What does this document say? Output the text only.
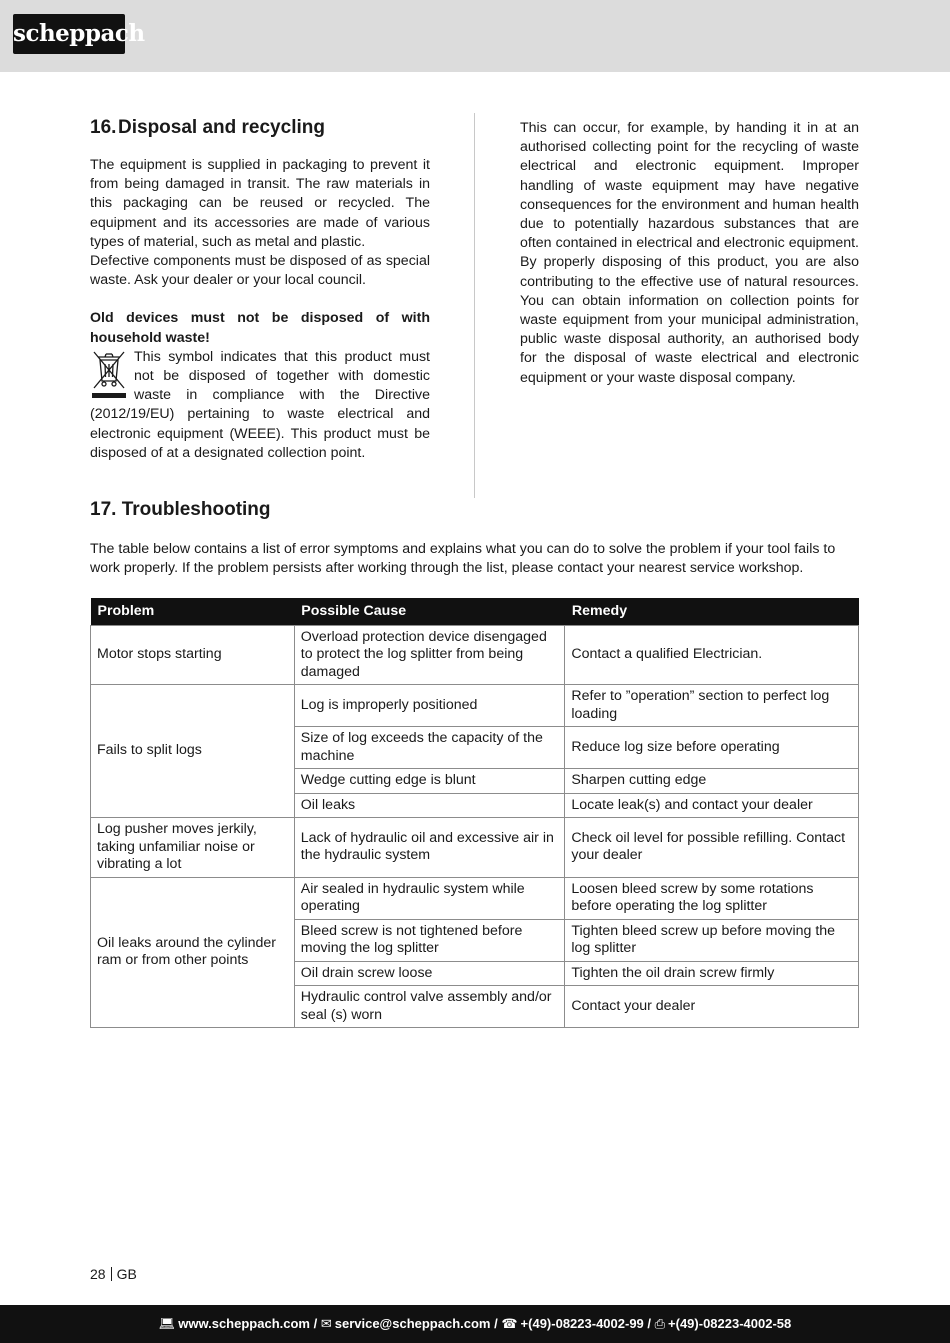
scheppach
16.Disposal and recycling

The equipment is supplied in packaging to prevent it from being damaged in transit. The raw materials in this packaging can be reused or recycled. The equipment and its accessories are made of various types of material, such as metal and plastic.

Defective components must be disposed of as special waste. Ask your dealer or your local council.

Old devices must not be disposed of with household waste!

This symbol indicates that this product must not be disposed of together with domestic waste in compliance with the Directive (2012/19/EU) pertaining to waste electrical and electronic equipment (WEEE). This product must be disposed of at a designated collection point.

This can occur, for example, by handing it in at an authorised collecting point for the recycling of waste electrical and electronic equipment. Improper handling of waste equipment may have negative consequences for the environment and human health due to potentially hazardous substances that are often contained in electrical and electronic equipment. By properly disposing of this product, you are also contributing to the effective use of natural resources. You can obtain information on collection points for waste equipment from your municipal administration, public waste disposal authority, an authorised body for the disposal of waste electrical and electronic equipment or your waste disposal company.

17. Troubleshooting

The table below contains a list of error symptoms and explains what you can do to solve the problem if your tool fails to work properly. If the problem persists after working through the list, please contact your nearest service workshop.

Problem	Possible Cause	Remedy
Motor stops starting	Overload protection device disengaged to protect the log splitter from being damaged	Contact a qualified Electrician.
Fails to split logs	Log is improperly positioned	Refer to ”operation” section to perfect log loading
	Size of log exceeds the capacity of the machine	Reduce log size before operating
	Wedge cutting edge is blunt	Sharpen cutting edge
	Oil leaks	Locate leak(s) and contact your dealer
Log pusher moves jerkily, taking unfamiliar noise or vibrating a lot	Lack of hydraulic oil and excessive air in the hydraulic system	Check oil level for possible refilling. Contact your dealer
Oil leaks around the cylinder ram or from other points	Air sealed in hydraulic system while operating	Loosen bleed screw by some rotations before operating the log splitter
	Bleed screw is not tightened before moving the log splitter	Tighten bleed screw up before moving the log splitter
	Oil drain screw loose	Tighten the oil drain screw firmly
	Hydraulic control valve assembly and/or seal (s) worn	Contact your dealer
28 GB
💻︎ www.scheppach.com / ✉ service@scheppach.com / ☎ +(49)-08223-4002-99 / ⎙ +(49)-08223-4002-58
